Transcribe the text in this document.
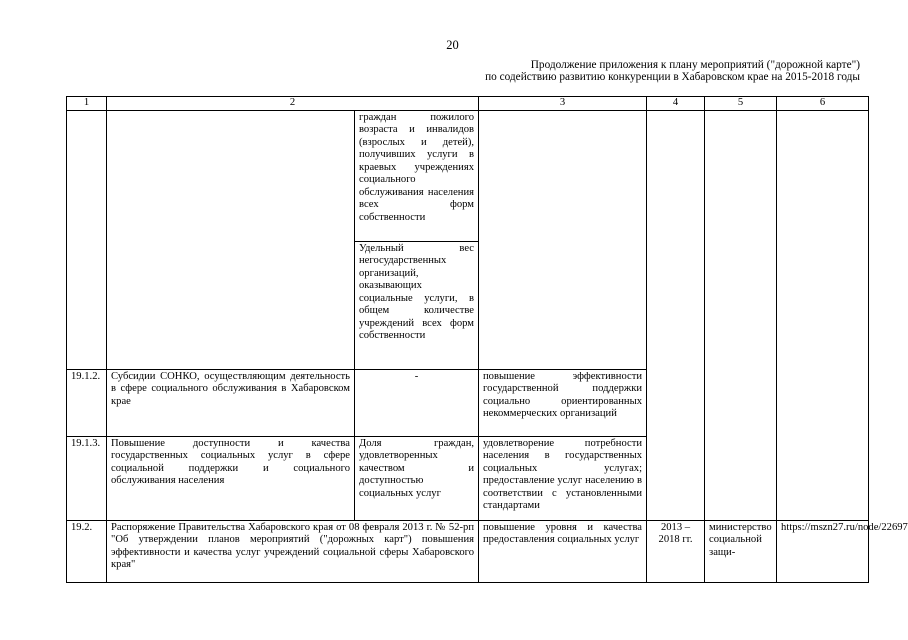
20
Продолжение приложения к плану мероприятий ("дорожной карте")
по содействию развитию конкуренции в Хабаровском крае на 2015-2018 годы
1	2		3	4	5	6
		граждан пожилого возраста и инвалидов (взрослых и детей), получивших услуги в краевых учреждениях социального обслуживания населения всех форм собственности				
		Удельный вес негосударственных организаций, оказывающих социальные услуги, в общем количестве учреждений всех форм собственности				
19.1.2.	Субсидии СОНКО, осуществляющим деятельность в сфере социального обслуживания в Хабаровском крае	-	повышение эффективности государственной поддержки социально ориентированных некоммерческих организаций			
19.1.3.	Повышение доступности и качества государственных социальных услуг в сфере социальной поддержки и социального обслуживания населения	Доля граждан, удовлетворенных качеством и доступностью социальных услуг	удовлетворение потребности населения в государственных социальных услугах; предоставление услуг населению в соответствии с установленными стандартами			
19.2.	Распоряжение Правительства Хабаровского края от 08 февраля 2013 г. № 52-рп "Об утверждении планов мероприятий ("дорожных карт") повышения эффективности и качества услуг учреждений социальной сферы Хабаровского края"		повышение уровня и качества предоставления социальных услуг	2013 – 2018 гг.	министерство социальной защи-	https://mszn27.ru/node/22697
